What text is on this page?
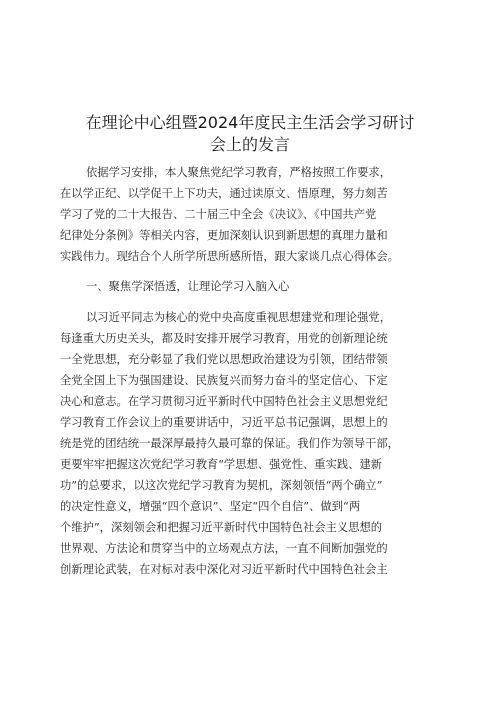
在理论中心组暨2024年度民主生活会学习研讨
会上的发言
依据学习安排，本人聚焦党纪学习教育，严格按照工作要求，
在以学正纪、以学促干上下功夫，通过读原文、悟原理，努力刻苦
学习了党的二十大报告、二十届三中全会《决议》、《中国共产党
纪律处分条例》等相关内容，更加深刻认识到新思想的真理力量和
实践伟力。现结合个人所学所思所感所悟，跟大家谈几点心得体会。
一、聚焦学深悟透，让理论学习入脑入心
以习近平同志为核心的党中央高度重视思想建党和理论强党，
每逢重大历史关头，都及时安排开展学习教育，用党的创新理论统
一全党思想，充分彰显了我们党以思想政治建设为引领，团结带领
全党全国上下为强国建设、民族复兴而努力奋斗的坚定信心、下定
决心和意志。在学习贯彻习近平新时代中国特色社会主义思想党纪
学习教育工作会议上的重要讲话中，习近平总书记强调，思想上的
统是党的团结统一最深厚最持久最可靠的保证。我们作为领导干部，
更要牢牢把握这次党纪学习教育“学思想、强党性、重实践、建新
功”的总要求，以这次党纪学习教育为契机，深刻领悟“两个确立”
的决定性意义，增强“四个意识”、坚定“四个自信”、做到“两
个维护”，深刻领会和把握习近平新时代中国特色社会主义思想的
世界观、方法论和贯穿当中的立场观点方法，一直不间断加强党的
创新理论武装，在对标对表中深化对习近平新时代中国特色社会主
